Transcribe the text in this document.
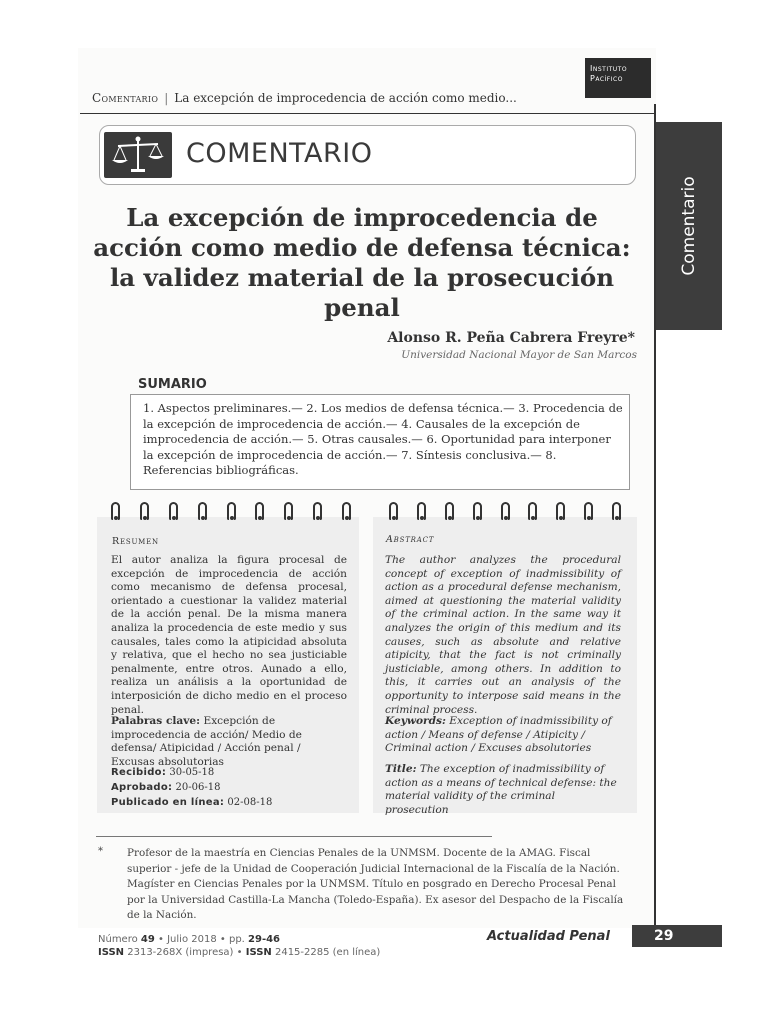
Instituto
Pacífico
Comentario | La excepción de improcedencia de acción como medio...
COMENTARIO
Comentario
La excepción de improcedencia de acción como medio de defensa técnica: la validez material de la prosecución penal
Alonso R. Peña Cabrera Freyre*
Universidad Nacional Mayor de San Marcos
SUMARIO
1. Aspectos preliminares.— 2. Los medios de defensa técnica.— 3. Procedencia de la excepción de improcedencia de acción.— 4. Causales de la excepción de improcedencia de acción.— 5. Otras causales.— 6. Oportunidad para interponer la excepción de improcedencia de acción.— 7. Síntesis conclusiva.— 8. Referencias bibliográficas.
Resumen
El autor analiza la figura procesal de excepción de improcedencia de acción como mecanismo de defensa procesal, orientado a cuestionar la validez material de la acción penal. De la misma manera analiza la procedencia de este medio y sus causales, tales como la atipicidad absoluta y relativa, que el hecho no sea justiciable penalmente, entre otros. Aunado a ello, realiza un análisis a la oportunidad de interposición de dicho medio en el proceso penal.
Palabras clave: Excepción de improcedencia de acción/ Medio de defensa/ Atipicidad / Acción penal / Excusas absolutorias
Recibido: 30-05-18
Aprobado: 20-06-18
Publicado en línea: 02-08-18
Abstract
The author analyzes the procedural concept of exception of inadmissibility of action as a procedural defense mechanism, aimed at questioning the material validity of the criminal action. In the same way it analyzes the origin of this medium and its causes, such as absolute and relative atipicity, that the fact is not criminally justiciable, among others. In addition to this, it carries out an analysis of the opportunity to interpose said means in the criminal process.
Keywords: Exception of inadmissibility of action / Means of defense / Atipicity / Criminal action / Excuses absolutories
Title: The exception of inadmissibility of action as a means of technical defense: the material validity of the criminal prosecution
* Profesor de la maestría en Ciencias Penales de la UNMSM. Docente de la AMAG. Fiscal superior - jefe de la Unidad de Cooperación Judicial Internacional de la Fiscalía de la Nación. Magíster en Ciencias Penales por la UNMSM. Título en posgrado en Derecho Procesal Penal por la Universidad Castilla-La Mancha (Toledo-España). Ex asesor del Despacho de la Fiscalía de la Nación.
Número 49 • Julio 2018 • pp. 29-46
ISSN 2313-268X (impresa) • ISSN 2415-2285 (en línea)
Actualidad Penal	29
